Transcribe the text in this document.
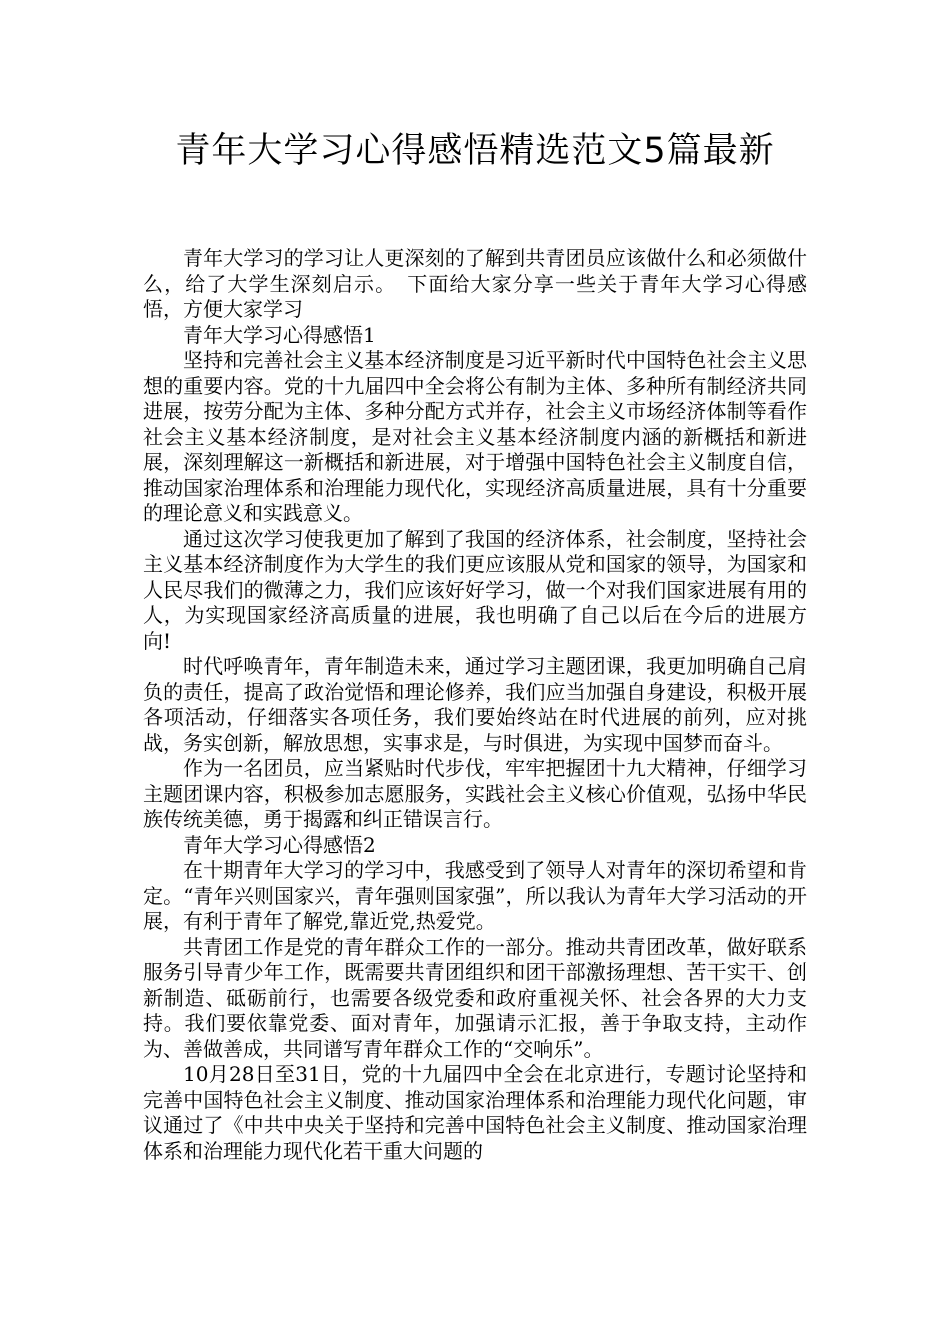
青年大学习心得感悟精选范文5篇最新

青年大学习的学习让人更深刻的了解到共青团员应该做什么和必须做什么，给了大学生深刻启示。　下面给大家分享一些关于青年大学习心得感悟，方便大家学习

青年大学习心得感悟1

坚持和完善社会主义基本经济制度是习近平新时代中国特色社会主义思想的重要内容。党的十九届四中全会将公有制为主体、多种所有制经济共同进展，按劳分配为主体、多种分配方式并存，社会主义市场经济体制等看作社会主义基本经济制度，是对社会主义基本经济制度内涵的新概括和新进展，深刻理解这一新概括和新进展，对于增强中国特色社会主义制度自信，推动国家治理体系和治理能力现代化，实现经济高质量进展，具有十分重要的理论意义和实践意义。

通过这次学习使我更加了解到了我国的经济体系，社会制度，坚持社会主义基本经济制度作为大学生的我们更应该服从党和国家的领导，为国家和人民尽我们的微薄之力，我们应该好好学习，做一个对我们国家进展有用的人，为实现国家经济高质量的进展，我也明确了自己以后在今后的进展方向!

时代呼唤青年，青年制造未来，通过学习主题团课，我更加明确自己肩负的责任，提高了政治觉悟和理论修养，我们应当加强自身建设，积极开展各项活动，仔细落实各项任务，我们要始终站在时代进展的前列，应对挑战，务实创新，解放思想，实事求是，与时俱进，为实现中国梦而奋斗。

作为一名团员，应当紧贴时代步伐，牢牢把握团十九大精神，仔细学习主题团课内容，积极参加志愿服务，实践社会主义核心价值观，弘扬中华民族传统美德，勇于揭露和纠正错误言行。

青年大学习心得感悟2

在十期青年大学习的学习中，我感受到了领导人对青年的深切希望和肯定。“青年兴则国家兴，青年强则国家强”，所以我认为青年大学习活动的开展，有利于青年了解党,靠近党,热爱党。

共青团工作是党的青年群众工作的一部分。推动共青团改革，做好联系服务引导青少年工作，既需要共青团组织和团干部激扬理想、苦干实干、创新制造、砥砺前行，也需要各级党委和政府重视关怀、社会各界的大力支持。我们要依靠党委、面对青年，加强请示汇报，善于争取支持，主动作为、善做善成，共同谱写青年群众工作的“交响乐”。

10月28日至31日，党的十九届四中全会在北京进行，专题讨论坚持和完善中国特色社会主义制度、推动国家治理体系和治理能力现代化问题，审议通过了《中共中央关于坚持和完善中国特色社会主义制度、推动国家治理体系和治理能力现代化若干重大问题的
